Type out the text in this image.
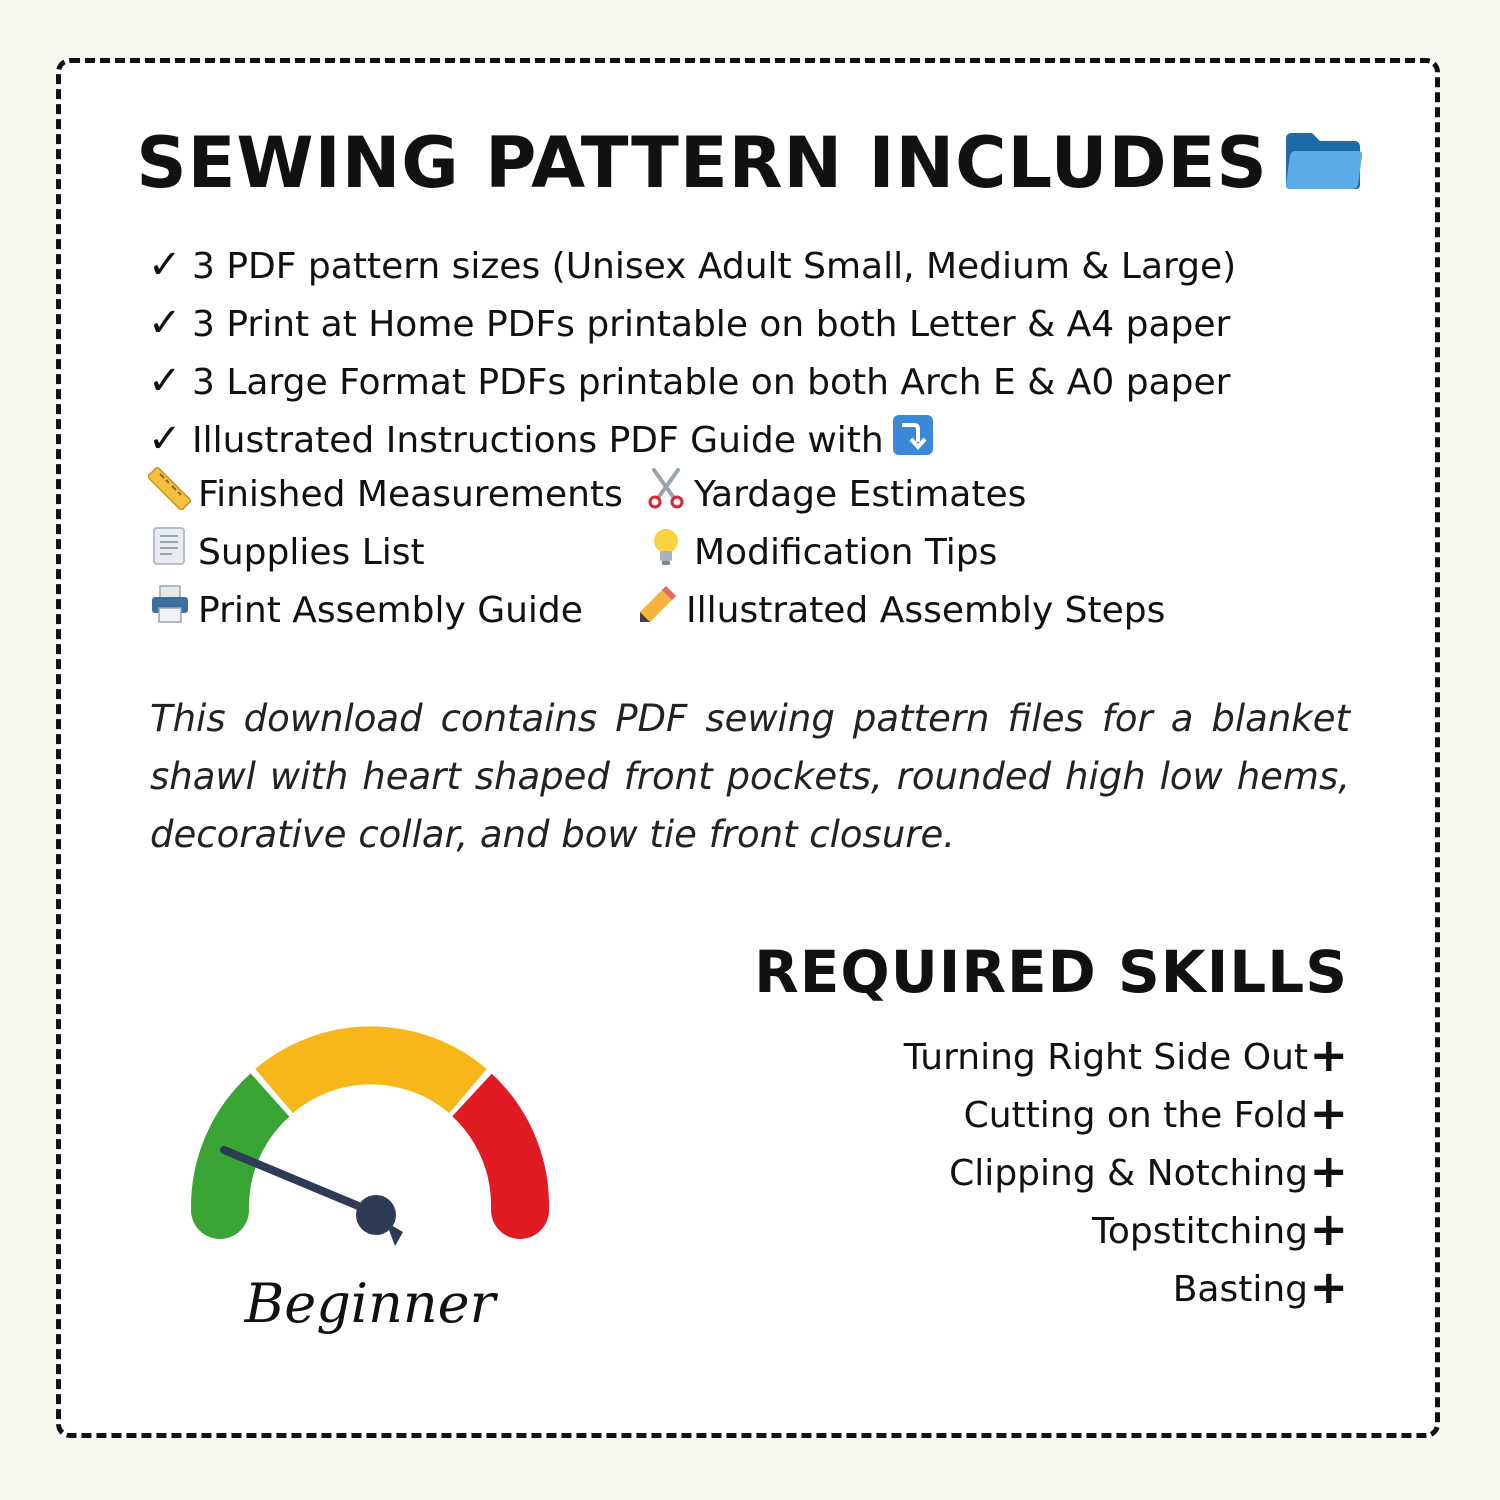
SEWING PATTERN INCLUDES
✓ 3 PDF pattern sizes (Unisex Adult Small, Medium & Large)
✓ 3 Print at Home PDFs printable on both Letter & A4 paper
✓ 3 Large Format PDFs printable on both Arch E & A0 paper
✓ Illustrated Instructions PDF Guide with
Finished Measurements	Yardage Estimates
Supplies List	Modification Tips
Print Assembly Guide	Illustrated Assembly Steps
This download contains PDF sewing pattern files for a blanket shawl with heart shaped front pockets, rounded high low hems, decorative collar, and bow tie front closure.
Beginner
REQUIRED SKILLS
Turning Right Side Out+
Cutting on the Fold+
Clipping & Notching+
Topstitching+
Basting+
